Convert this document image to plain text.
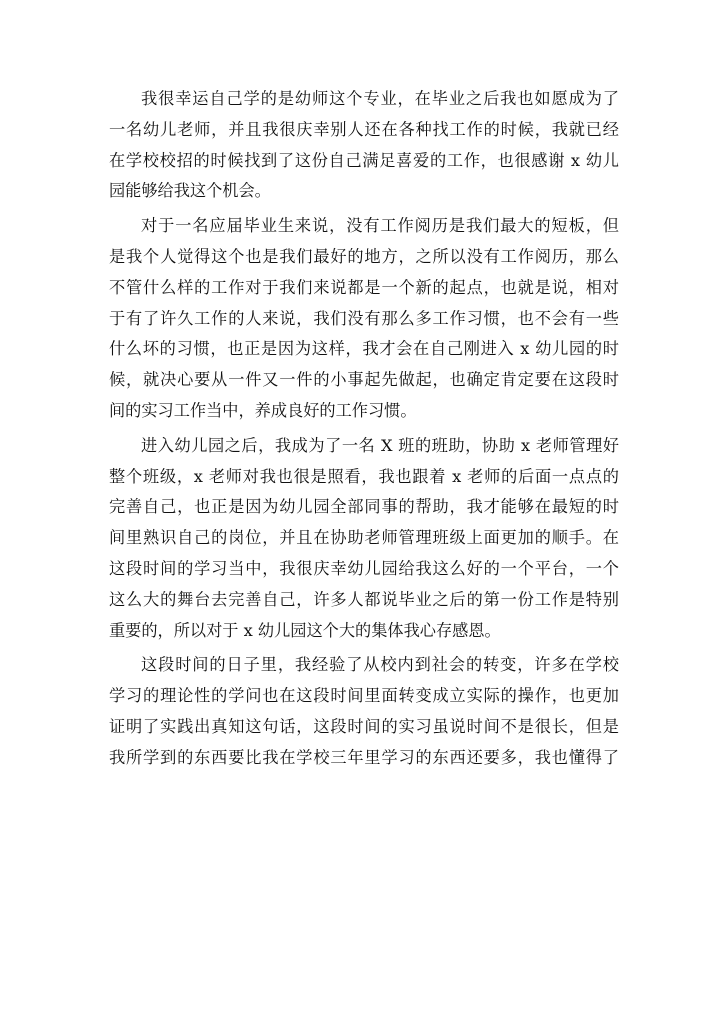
我很幸运自己学的是幼师这个专业，在毕业之后我也如愿成为了
一名幼儿老师，并且我很庆幸别人还在各种找工作的时候，我就已经
在学校校招的时候找到了这份自己满足喜爱的工作，也很感谢 x 幼儿
园能够给我这个机会。
对于一名应届毕业生来说，没有工作阅历是我们最大的短板，但
是我个人觉得这个也是我们最好的地方，之所以没有工作阅历，那么
不管什么样的工作对于我们来说都是一个新的起点，也就是说，相对
于有了许久工作的人来说，我们没有那么多工作习惯，也不会有一些
什么坏的习惯，也正是因为这样，我才会在自己刚进入 x 幼儿园的时
候，就决心要从一件又一件的小事起先做起，也确定肯定要在这段时
间的实习工作当中，养成良好的工作习惯。
进入幼儿园之后，我成为了一名 X 班的班助，协助 x 老师管理好
整个班级，x 老师对我也很是照看，我也跟着 x 老师的后面一点点的
完善自己，也正是因为幼儿园全部同事的帮助，我才能够在最短的时
间里熟识自己的岗位，并且在协助老师管理班级上面更加的顺手。在
这段时间的学习当中，我很庆幸幼儿园给我这么好的一个平台，一个
这么大的舞台去完善自己，许多人都说毕业之后的第一份工作是特别
重要的，所以对于 x 幼儿园这个大的集体我心存感恩。
这段时间的日子里，我经验了从校内到社会的转变，许多在学校
学习的理论性的学问也在这段时间里面转变成立实际的操作，也更加
证明了实践出真知这句话，这段时间的实习虽说时间不是很长，但是
我所学到的东西要比我在学校三年里学习的东西还要多，我也懂得了
